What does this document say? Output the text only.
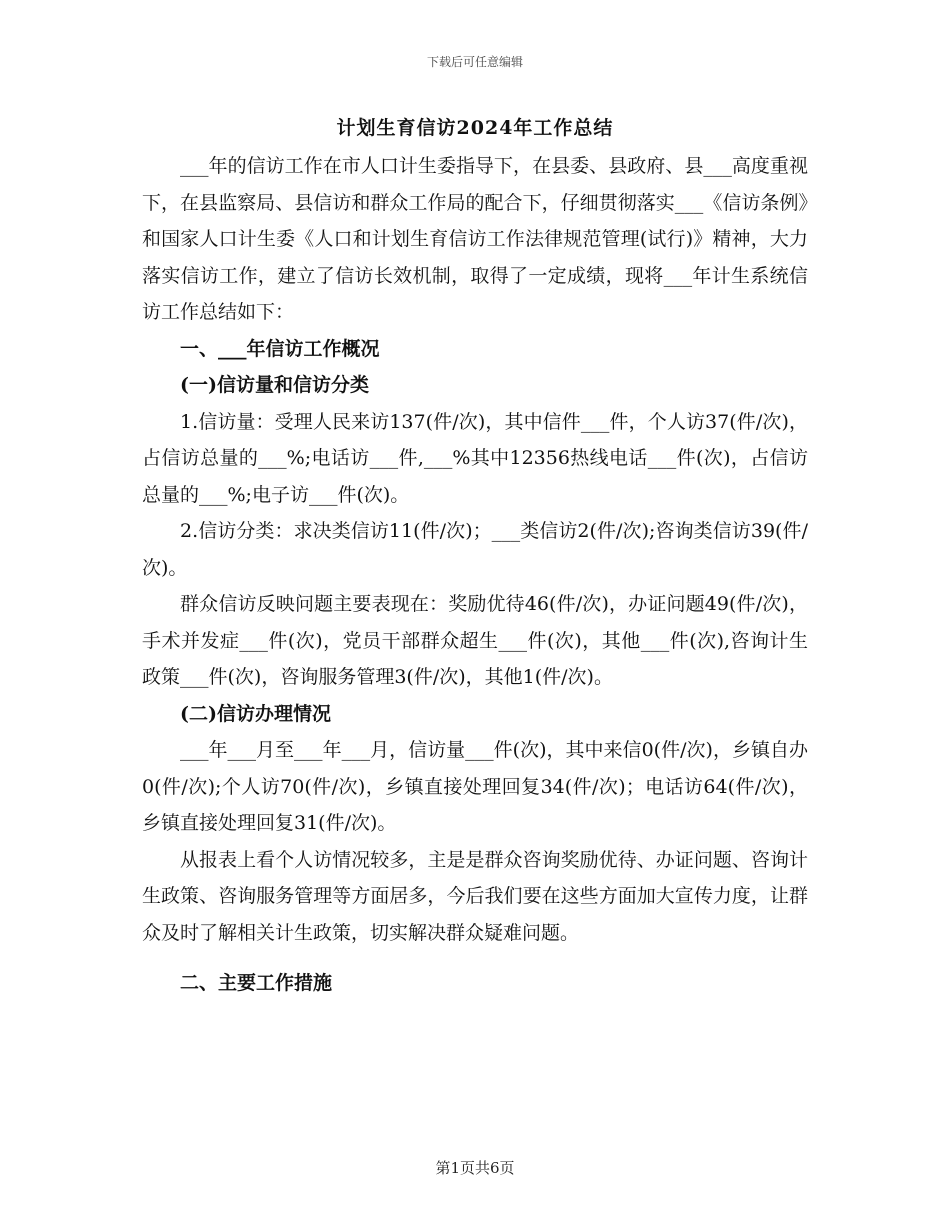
下载后可任意编辑
计划生育信访2024年工作总结

___年的信访工作在市人口计生委指导下，在县委、县政府、县___高度重视下，在县监察局、县信访和群众工作局的配合下，仔细贯彻落实___《信访条例》和国家人口计生委《人口和计划生育信访工作法律规范管理(试行)》精神，大力落实信访工作，建立了信访长效机制，取得了一定成绩，现将___年计生系统信访工作总结如下：

一、___年信访工作概况

(一)信访量和信访分类

1.信访量：受理人民来访137(件/次)，其中信件___件，个人访37(件/次)，占信访总量的___%;电话访___件,___%其中12356热线电话___件(次)，占信访总量的___%;电子访___件(次)。

2.信访分类：求决类信访11(件/次)；___类信访2(件/次);咨询类信访39(件/次)。

群众信访反映问题主要表现在：奖励优待46(件/次)，办证问题49(件/次)，手术并发症___件(次)，党员干部群众超生___件(次)，其他___件(次),咨询计生政策___件(次)，咨询服务管理3(件/次)，其他1(件/次)。

(二)信访办理情况

___年___月至___年___月，信访量___件(次)，其中来信0(件/次)，乡镇自办0(件/次);个人访70(件/次)，乡镇直接处理回复34(件/次)；电话访64(件/次)，乡镇直接处理回复31(件/次)。

从报表上看个人访情况较多，主是是群众咨询奖励优待、办证问题、咨询计生政策、咨询服务管理等方面居多，今后我们要在这些方面加大宣传力度，让群众及时了解相关计生政策，切实解决群众疑难问题。

二、主要工作措施

第1页共6页
